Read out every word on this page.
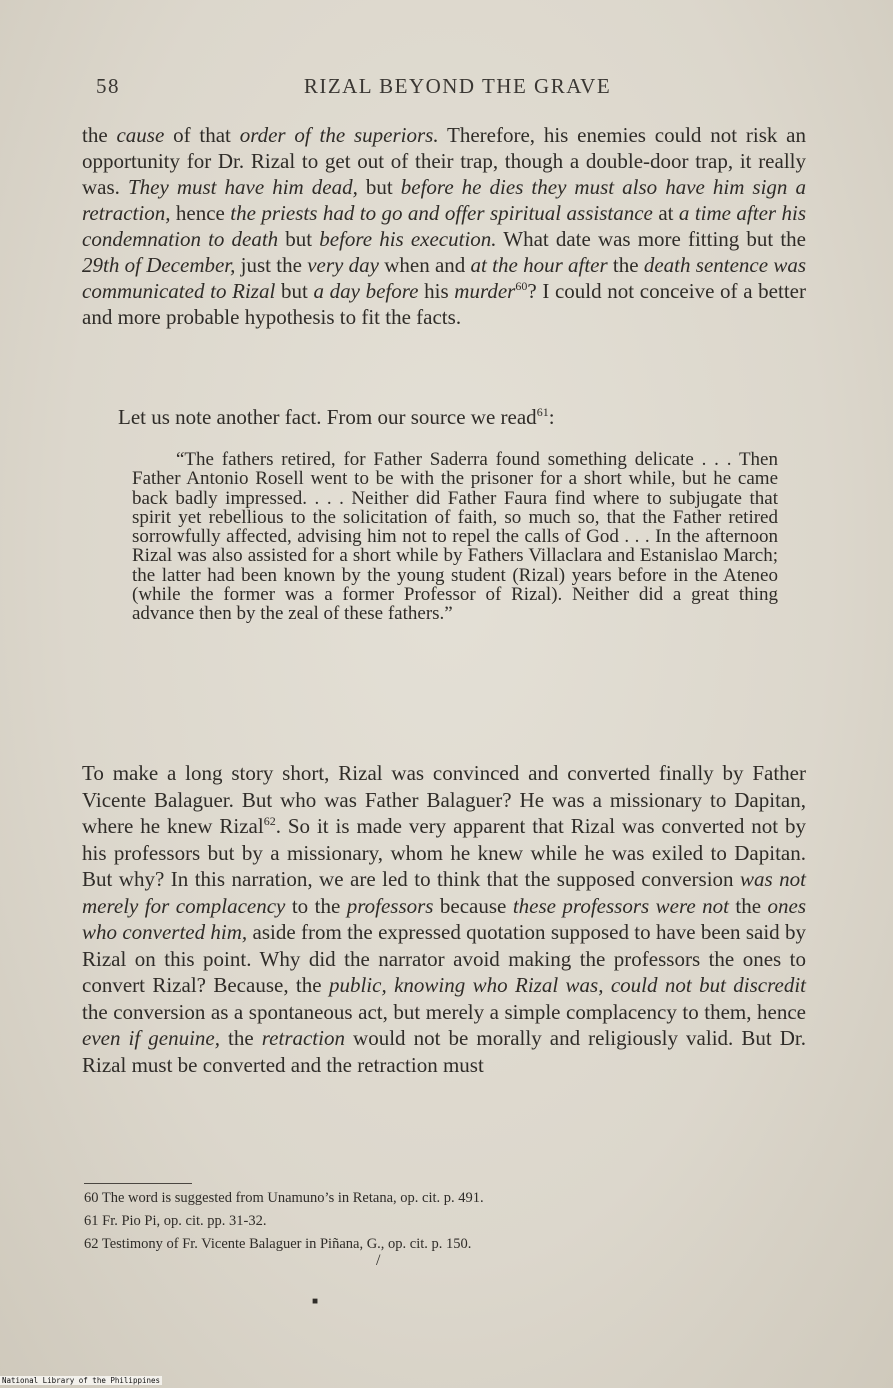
58	RIZAL BEYOND THE GRAVE

the cause of that order of the superiors. Therefore, his enemies could not risk an opportunity for Dr. Rizal to get out of their trap, though a double-door trap, it really was. They must have him dead, but before he dies they must also have him sign a retraction, hence the priests had to go and offer spiritual assistance at a time after his condemnation to death but before his execution. What date was more fitting but the 29th of December, just the very day when and at the hour after the death sentence was communicated to Rizal but a day before his murder$^{60}$? I could not conceive of a better and more probable hypothesis to fit the facts.

Let us note another fact. From our source we read$^{61}$:

“The fathers retired, for Father Saderra found something delicate . . . Then Father Antonio Rosell went to be with the prisoner for a short while, but he came back badly impressed. . . . Neither did Father Faura find where to subjugate that spirit yet rebellious to the solicitation of faith, so much so, that the Father retired sorrowfully affected, advising him not to repel the calls of God . . . In the afternoon Rizal was also assisted for a short while by Fathers Villaclara and Estanislao March; the latter had been known by the young student (Rizal) years before in the Ateneo (while the former was a former Professor of Rizal). Neither did a great thing advance then by the zeal of these fathers.”

To make a long story short, Rizal was convinced and converted finally by Father Vicente Balaguer. But who was Father Balaguer? He was a missionary to Dapitan, where he knew Rizal$^{62}$. So it is made very apparent that Rizal was converted not by his professors but by a missionary, whom he knew while he was exiled to Dapitan. But why? In this narration, we are led to think that the supposed conversion was not merely for complacency to the professors because these professors were not the ones who converted him, aside from the expressed quotation supposed to have been said by Rizal on this point. Why did the narrator avoid making the professors the ones to convert Rizal? Because, the public, knowing who Rizal was, could not but discredit the conversion as a spontaneous act, but merely a simple complacency to them, hence even if genuine, the retraction would not be morally and religiously valid. But Dr. Rizal must be converted and the retraction must

60 The word is suggested from Unamuno’s in Retana, op. cit. p. 491.
61 Fr. Pio Pi, op. cit. pp. 31-32.
62 Testimony of Fr. Vicente Balaguer in Piñana, G., op. cit. p. 150.
/
■
National Library of the Philippines
